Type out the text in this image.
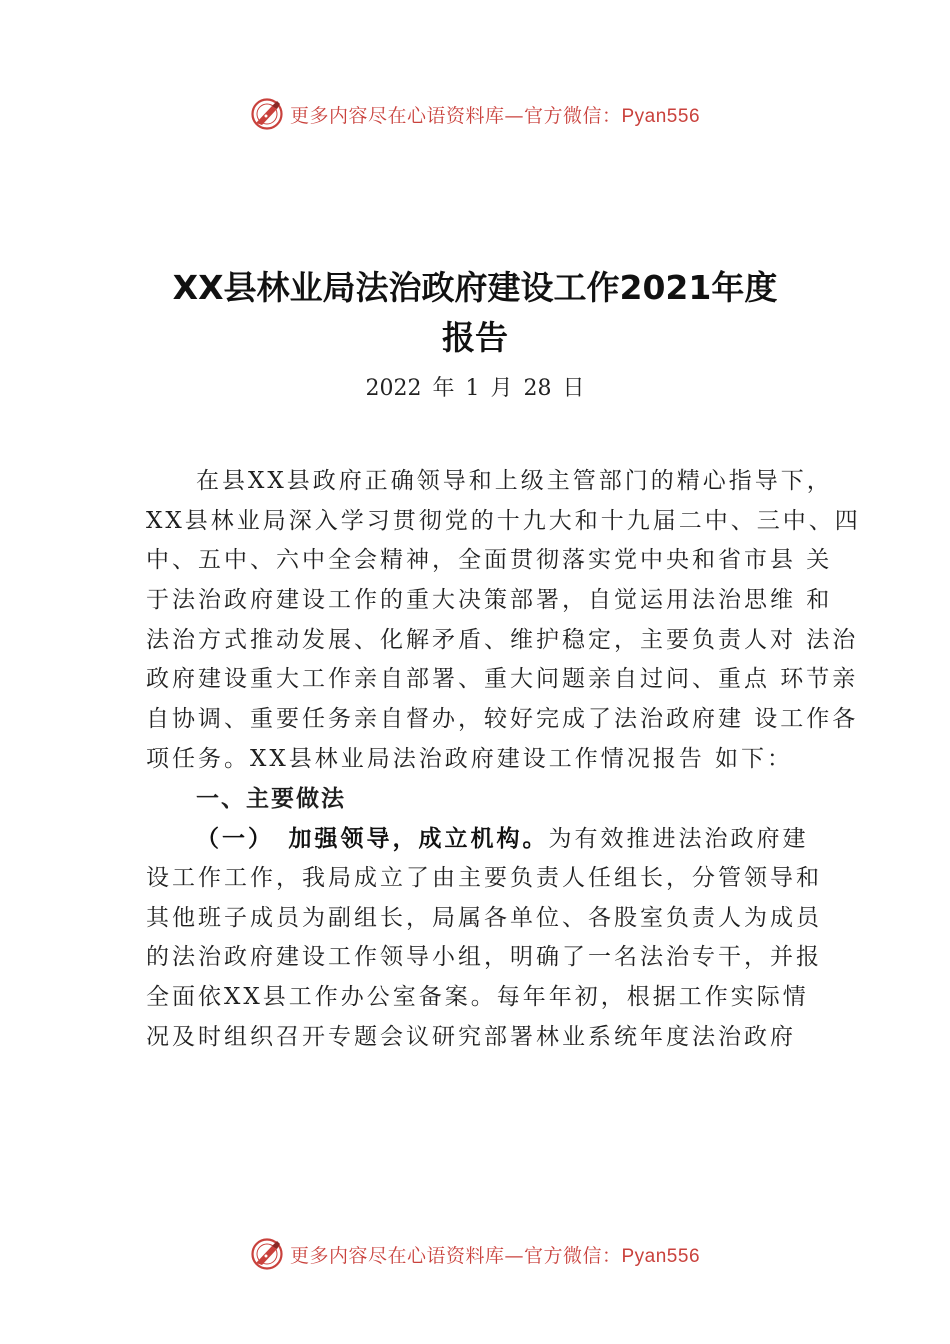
更多内容尽在心语资料库—官方微信：Pyan556
XX县林业局法治政府建设工作2021年度
报告
2022 年 1 月 28 日
在县XX县政府正确领导和上级主管部门的精心指导下，
XX县林业局深入学习贯彻党的十九大和十九届二中、三中、四
中、五中、六中全会精神，全面贯彻落实党中央和省市县 关
于法治政府建设工作的重大决策部署，自觉运用法治思维 和
法治方式推动发展、化解矛盾、维护稳定，主要负责人对 法治
政府建设重大工作亲自部署、重大问题亲自过问、重点 环节亲
自协调、重要任务亲自督办，较好完成了法治政府建 设工作各
项任务。XX县林业局法治政府建设工作情况报告 如下：
一、主要做法
（一）　加强领导，成立机构。为有效推进法治政府建
设工作工作，我局成立了由主要负责人任组长，分管领导和
其他班子成员为副组长，局属各单位、各股室负责人为成员
的法治政府建设工作领导小组，明确了一名法治专干，并报
全面依XX县工作办公室备案。每年年初，根据工作实际情
况及时组织召开专题会议研究部署林业系统年度法治政府
更多内容尽在心语资料库—官方微信：Pyan556
